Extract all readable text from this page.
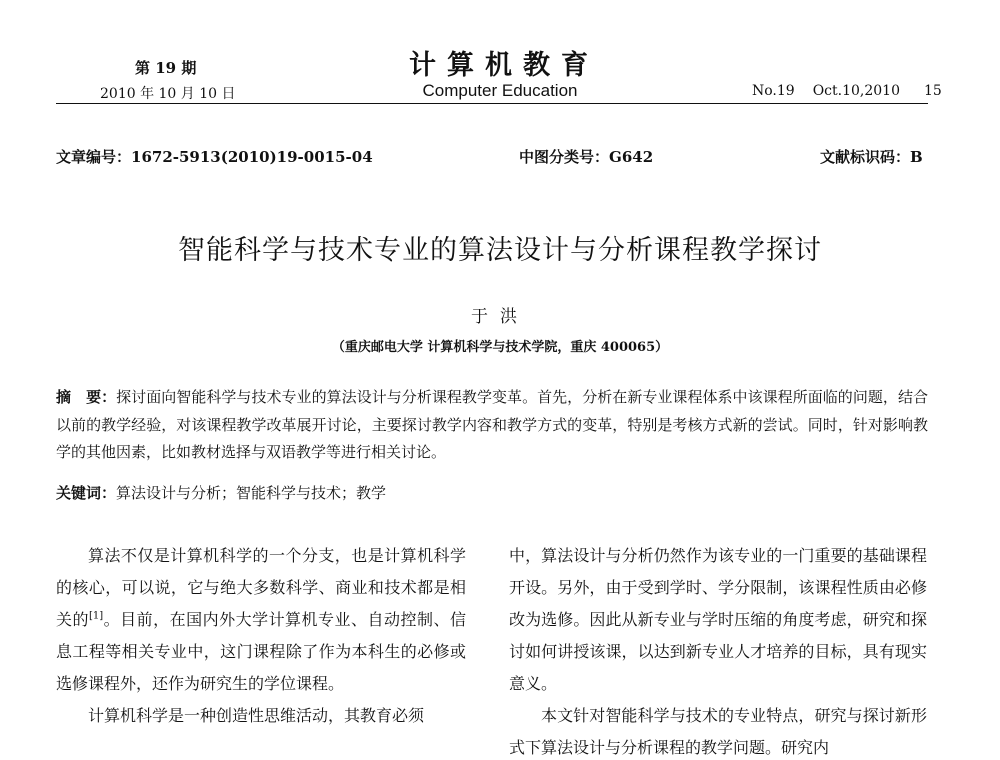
第 19 期
2010 年 10 月 10 日
计算机教育
Computer Education	No.19 Oct.10,2010 15
文章编号：1672-5913(2010)19-0015-04	中图分类号：G642	文献标识码：B
智能科学与技术专业的算法设计与分析课程教学探讨
于洪
（重庆邮电大学 计算机科学与技术学院，重庆 400065）
摘　要：探讨面向智能科学与技术专业的算法设计与分析课程教学变革。首先，分析在新专业课程体系中该课程所面临的问题，结合以前的教学经验，对该课程教学改革展开讨论，主要探讨教学内容和教学方式的变革，特别是考核方式新的尝试。同时，针对影响教学的其他因素，比如教材选择与双语教学等进行相关讨论。
关键词：算法设计与分析；智能科学与技术；教学

算法不仅是计算机科学的一个分支，也是计算机科学的核心，可以说，它与绝大多数科学、商业和技术都是相关的[1]。目前，在国内外大学计算机专业、自动控制、信息工程等相关专业中，这门课程除了作为本科生的必修或选修课程外，还作为研究生的学位课程。

计算机科学是一种创造性思维活动，其教育必须

中，算法设计与分析仍然作为该专业的一门重要的基础课程开设。另外，由于受到学时、学分限制，该课程性质由必修改为选修。因此从新专业与学时压缩的角度考虑，研究和探讨如何讲授该课，以达到新专业人才培养的目标，具有现实意义。

本文针对智能科学与技术的专业特点，研究与探讨新形式下算法设计与分析课程的教学问题。研究内
